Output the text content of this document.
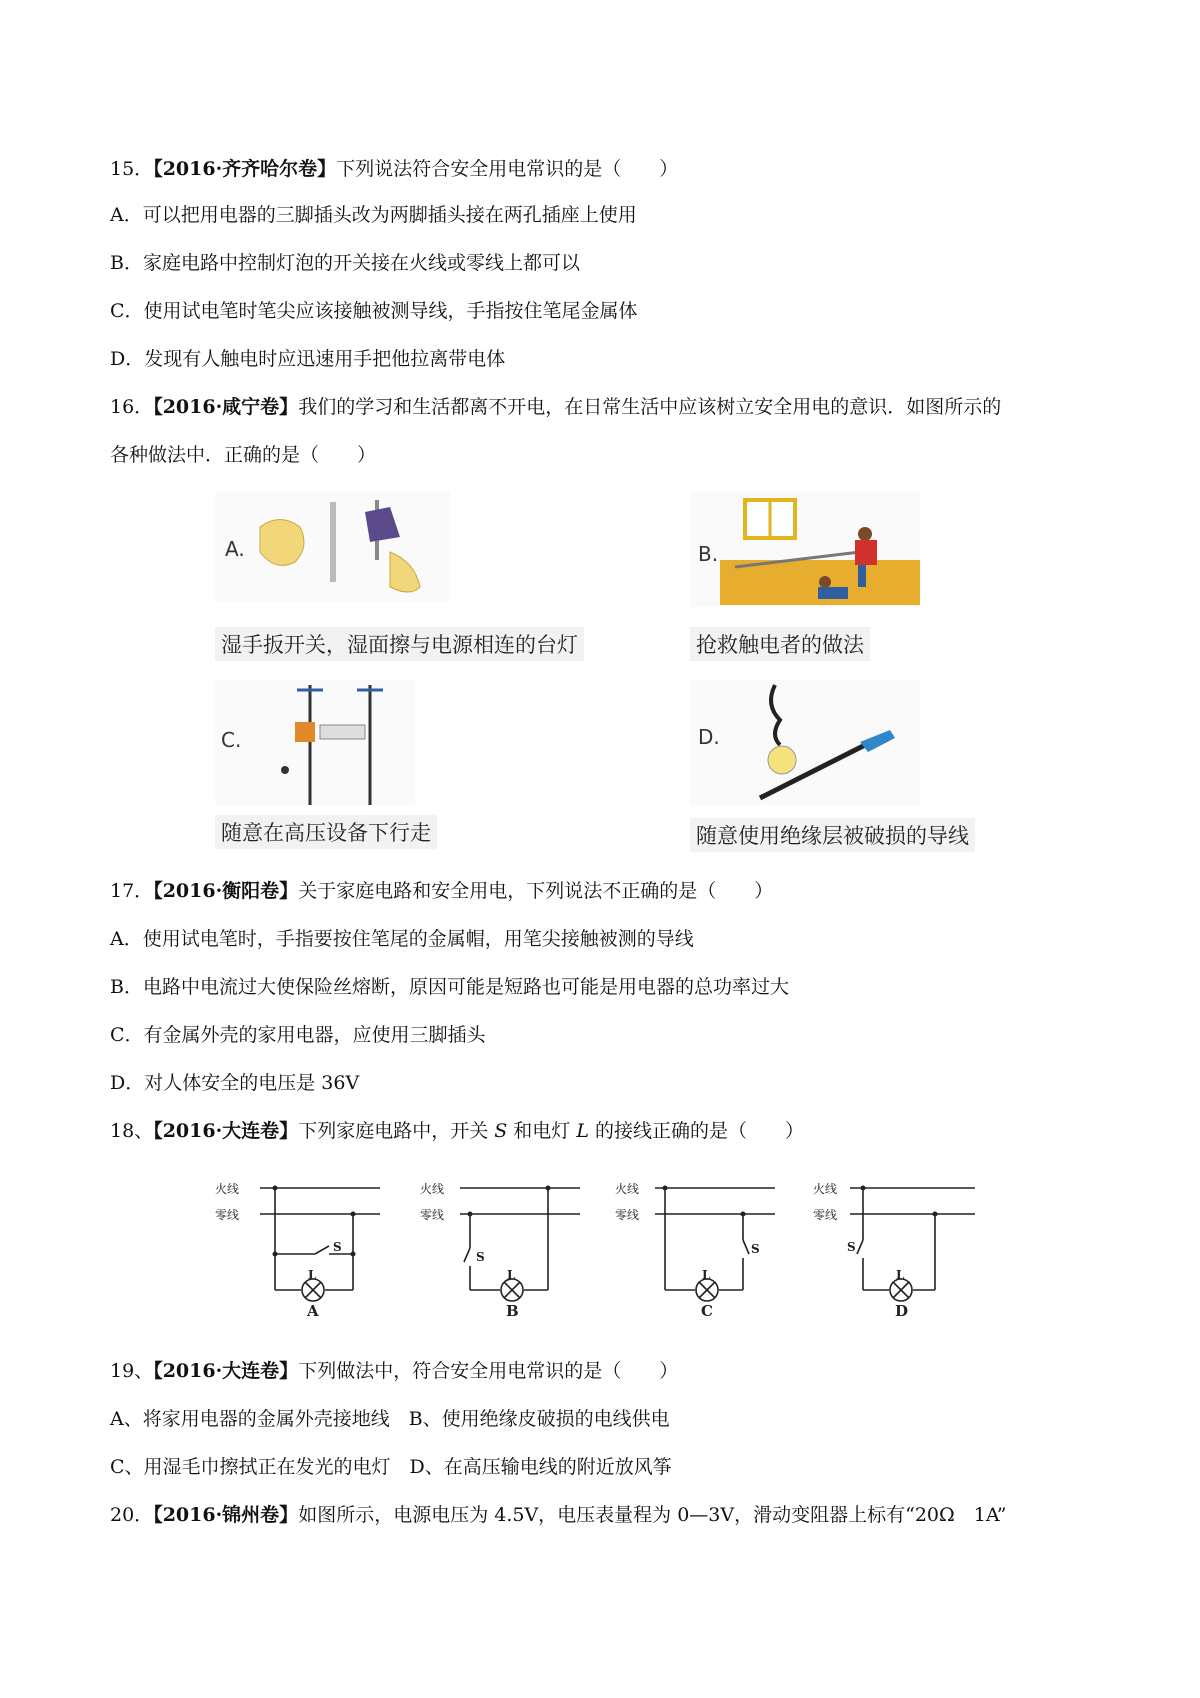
15．【2016·齐齐哈尔卷】下列说法符合安全用电常识的是（　　）
A．可以把用电器的三脚插头改为两脚插头接在两孔插座上使用
B．家庭电路中控制灯泡的开关接在火线或零线上都可以
C．使用试电笔时笔尖应该接触被测导线，手指按住笔尾金属体
D．发现有人触电时应迅速用手把他拉离带电体
16．【2016·咸宁卷】我们的学习和生活都离不开电，在日常生活中应该树立安全用电的意识．如图所示的
各种做法中．正确的是（　　）
A.
湿手扳开关，湿面擦与电源相连的台灯
B.
抢救触电者的做法
C.
随意在高压设备下行走
D.
随意使用绝缘层被破损的导线
17．【2016·衡阳卷】关于家庭电路和安全用电，下列说法不正确的是（　　）
A．使用试电笔时，手指要按住笔尾的金属帽，用笔尖接触被测的导线
B．电路中电流过大使保险丝熔断，原因可能是短路也可能是用电器的总功率过大
C．有金属外壳的家用电器，应使用三脚插头
D．对人体安全的电压是 36V
18、【2016·大连卷】下列家庭电路中，开关 S 和电灯 L 的接线正确的是（　　）
火线
零线
S
L
A
火线
零线
S
L
B
火线
零线
S
L
C
火线
零线
S
L
D
19、【2016·大连卷】下列做法中，符合安全用电常识的是（　　）
A、将家用电器的金属外壳接地线　B、使用绝缘皮破损的电线供电
C、用湿毛巾擦拭正在发光的电灯　D、在高压输电线的附近放风筝
20．【2016·锦州卷】如图所示，电源电压为 4.5V，电压表量程为 0—3V，滑动变阻器上标有“20Ω　1A”
